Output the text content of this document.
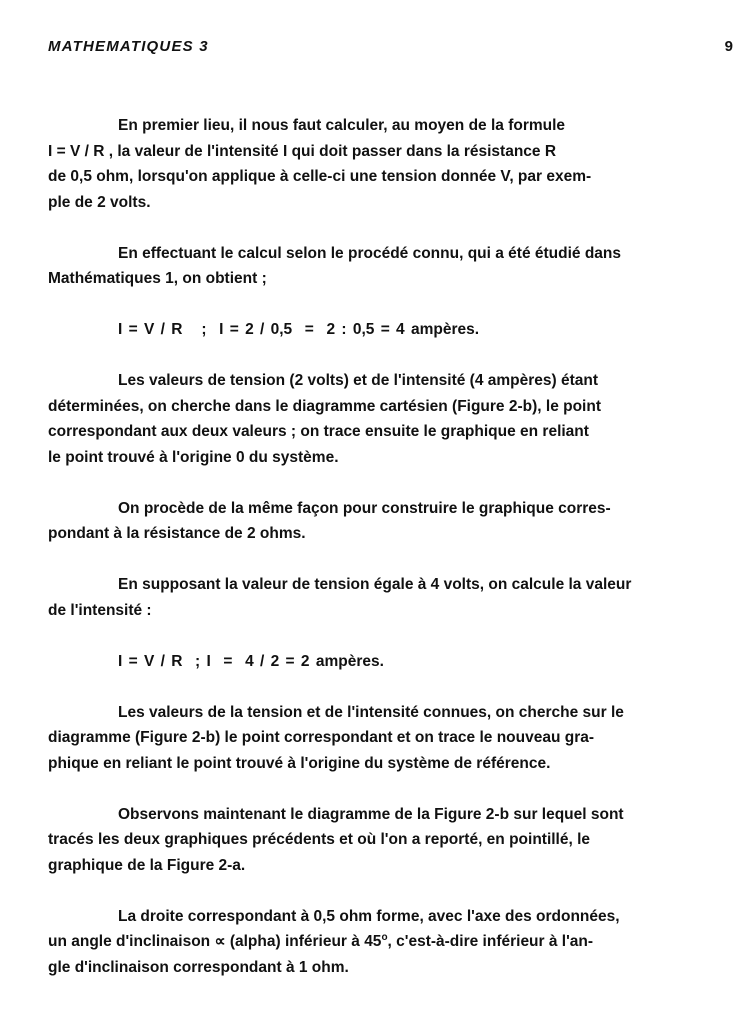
MATHEMATIQUES 3	9

En premier lieu, il nous faut calculer, au moyen de la formule
I = V / R , la valeur de l'intensité I qui doit passer dans la résistance R
de 0,5 ohm, lorsqu'on applique à celle-ci une tension donnée V, par exem-
ple de 2 volts.

En effectuant le calcul selon le procédé connu, qui a été étudié dans
Mathématiques 1, on obtient ;

I = V / R   ;  I = 2 / 0,5  =  2 : 0,5 = 4 ampères.

Les valeurs de tension (2 volts) et de l'intensité (4 ampères) étant
déterminées, on cherche dans le diagramme cartésien (Figure 2-b), le point
correspondant aux deux valeurs ; on trace ensuite le graphique en reliant
le point trouvé à l'origine 0 du système.

On procède de la même façon pour construire le graphique corres-
pondant à la résistance de 2 ohms.

En supposant la valeur de tension égale à 4 volts, on calcule la valeur
de l'intensité :

I = V / R  ; I  =  4 / 2 = 2 ampères.

Les valeurs de la tension et de l'intensité connues, on cherche sur le
diagramme (Figure 2-b) le point correspondant et on trace le nouveau gra-
phique en reliant le point trouvé à l'origine du système de référence.

Observons maintenant le diagramme de la Figure 2-b sur lequel sont
tracés les deux graphiques précédents et où l'on a reporté, en pointillé, le
graphique de la Figure 2-a.

La droite correspondant à 0,5 ohm forme, avec l'axe des ordonnées,
un angle d'inclinaison ∝ (alpha) inférieur à 45$^o$, c'est-à-dire inférieur à l'an-
gle d'inclinaison correspondant à 1 ohm.
